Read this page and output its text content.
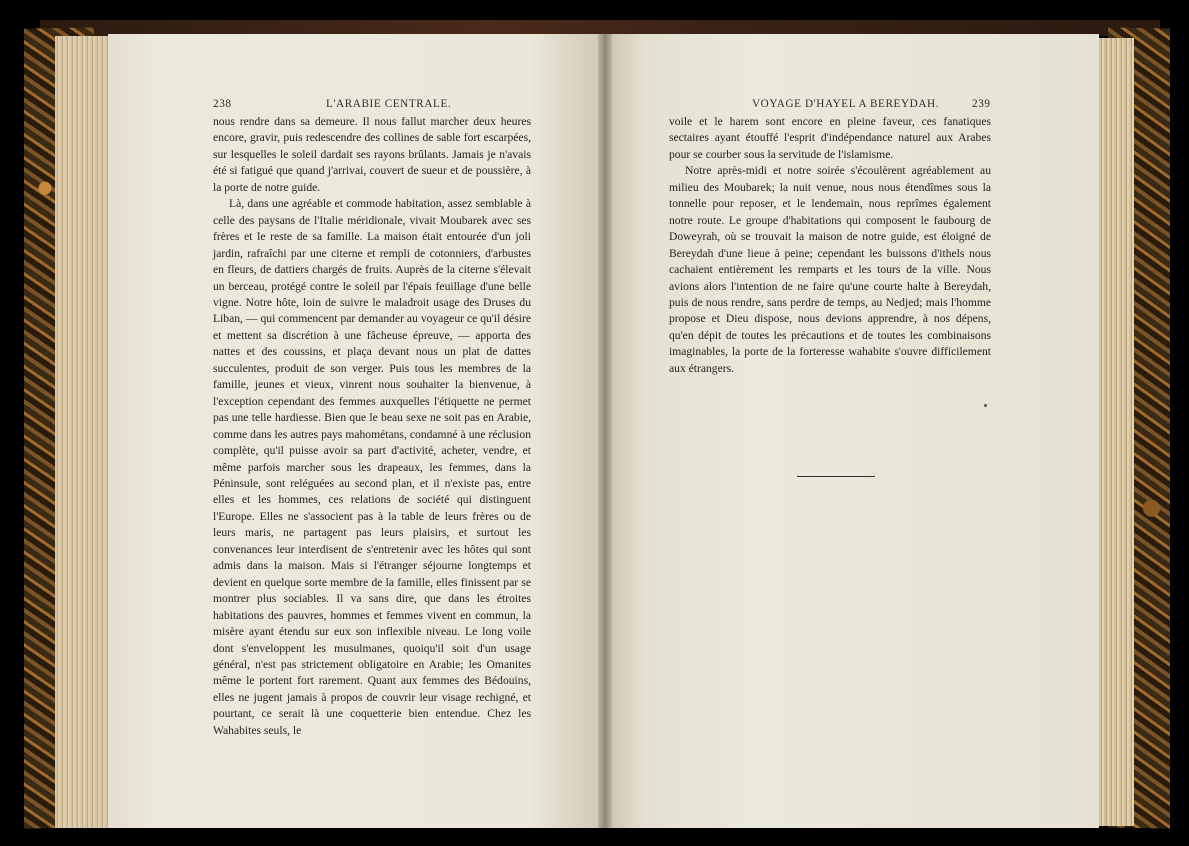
238	L'ARABIE CENTRALE.	VOYAGE D'HAYEL A BEREYDAH.	239

nous rendre dans sa demeure. Il nous fallut marcher deux heures encore, gravir, puis redescendre des collines de sable fort escarpées, sur lesquelles le soleil dardait ses rayons brûlants. Jamais je n'avais été si fatigué que quand j'arrivai, couvert de sueur et de poussière, à la porte de notre guide.

Là, dans une agréable et commode habitation, assez semblable à celle des paysans de l'Italie méridionale, vivait Moubarek avec ses frères et le reste de sa famille. La maison était entourée d'un joli jardin, rafraîchi par une citerne et rempli de cotonniers, d'arbustes en fleurs, de dattiers chargés de fruits. Auprès de la citerne s'élevait un berceau, protégé contre le soleil par l'épais feuillage d'une belle vigne. Notre hôte, loin de suivre le maladroit usage des Druses du Liban, — qui commencent par demander au voyageur ce qu'il désire et mettent sa discrétion à une fâcheuse épreuve, — apporta des nattes et des coussins, et plaça devant nous un plat de dattes succulentes, produit de son verger. Puis tous les membres de la famille, jeunes et vieux, vinrent nous souhaiter la bienvenue, à l'exception cependant des femmes auxquelles l'étiquette ne permet pas une telle hardiesse. Bien que le beau sexe ne soit pas en Arabie, comme dans les autres pays mahométans, condamné à une réclusion complète, qu'il puisse avoir sa part d'activité, acheter, vendre, et même parfois marcher sous les drapeaux, les femmes, dans la Péninsule, sont reléguées au second plan, et il n'existe pas, entre elles et les hommes, ces relations de société qui distinguent l'Europe. Elles ne s'associent pas à la table de leurs frères ou de leurs maris, ne partagent pas leurs plaisirs, et surtout les convenances leur interdisent de s'entretenir avec les hôtes qui sont admis dans la maison. Mais si l'étranger séjourne longtemps et devient en quelque sorte membre de la famille, elles finissent par se montrer plus sociables. Il va sans dire, que dans les étroites habitations des pauvres, hommes et femmes vivent en commun, la misère ayant étendu sur eux son inflexible niveau. Le long voile dont s'enveloppent les musulmanes, quoiqu'il soit d'un usage général, n'est pas strictement obligatoire en Arabie; les Omanites même le portent fort rarement. Quant aux femmes des Bédouins, elles ne jugent jamais à propos de couvrir leur visage rechigné, et pourtant, ce serait là une coquetterie bien entendue. Chez les Wahabites seuls, le

voile et le harem sont encore en pleine faveur, ces fanatiques sectaires ayant étouffé l'esprit d'indépendance naturel aux Arabes pour se courber sous la servitude de l'islamisme.

Notre après-midi et notre soirée s'écoulèrent agréablement au milieu des Moubarek; la nuit venue, nous nous étendîmes sous la tonnelle pour reposer, et le lendemain, nous reprîmes également notre route. Le groupe d'habitations qui composent le faubourg de Doweyrah, où se trouvait la maison de notre guide, est éloigné de Bereydah d'une lieue à peine; cependant les buissons d'ithels nous cachaient entièrement les remparts et les tours de la ville. Nous avions alors l'intention de ne faire qu'une courte halte à Bereydah, puis de nous rendre, sans perdre de temps, au Nedjed; mais l'homme propose et Dieu dispose, nous devions apprendre, à nos dépens, qu'en dépit de toutes les précautions et de toutes les combinaisons imaginables, la porte de la forteresse wahabite s'ouvre difficilement aux étrangers.
